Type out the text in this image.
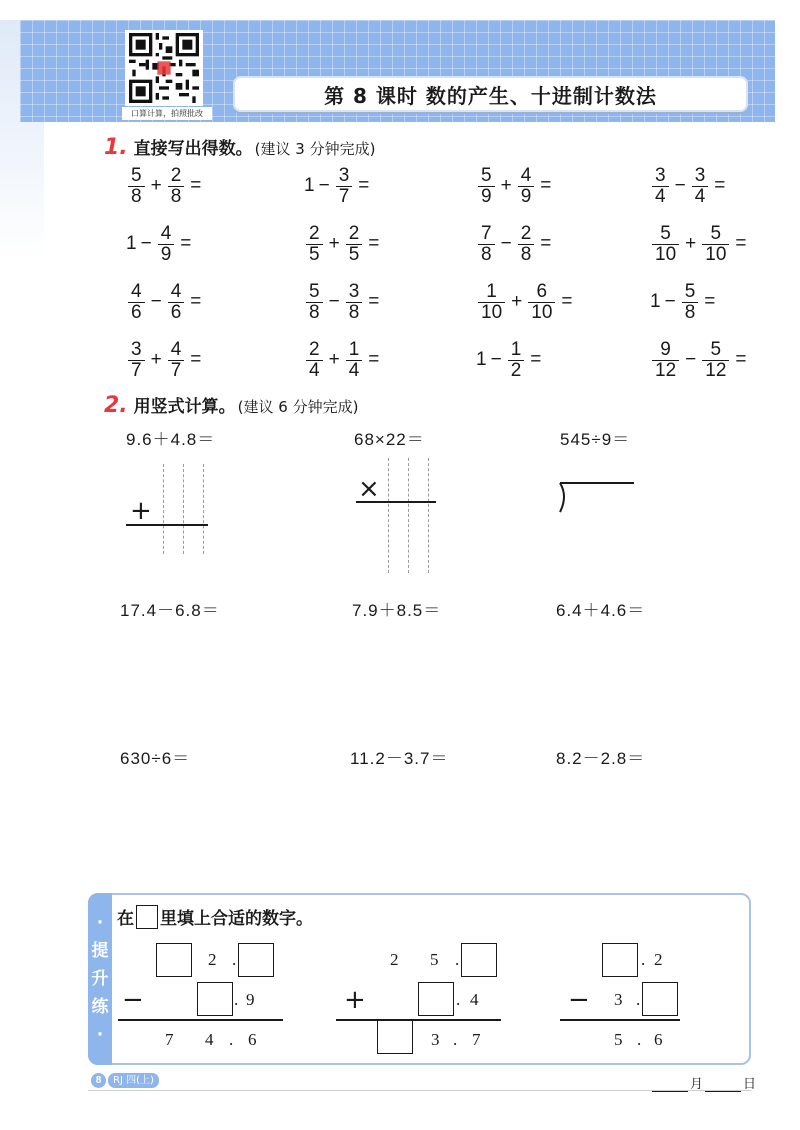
口算计算，拍照批改
第 8 课时 数的产生、十进制计数法
1. 直接写出得数。 (建议 3 分钟完成)
$\frac{5}{8} + \frac{2}{8}$ =	$1 - \frac{3}{7}$ =	$\frac{5}{9} + \frac{4}{9}$ =	$\frac{3}{4} - \frac{3}{4}$ =
$1 - \frac{4}{9}$ =	$\frac{2}{5} + \frac{2}{5}$ =	$\frac{7}{8} - \frac{2}{8}$ =	$\frac{5}{10} + \frac{5}{10}$ =
$\frac{4}{6} - \frac{4}{6}$ =	$\frac{5}{8} - \frac{3}{8}$ =	$\frac{1}{10} + \frac{6}{10}$ =	$1 - \frac{5}{8}$ =
$\frac{3}{7} + \frac{4}{7}$ =	$\frac{2}{4} + \frac{1}{4}$ =	$1 - \frac{1}{2}$ =	$\frac{9}{12} - \frac{5}{12}$ =
2. 用竖式计算。 (建议 6 分钟完成)
9.6＋4.8＝	68×22＝	545÷9＝
17.4－6.8＝	7.9＋8.5＝	6.4＋4.6＝
630÷6＝	11.2－3.7＝	8.2－2.8＝
+
×
·
提
升
练
·
在 里填上合适的数字。
2 .
−	. 9
7 4 . 6
2 5 .
+	. 4
3 . 7
. 2
− 3 .
5 . 6
8	RJ 四(上)	月	日
